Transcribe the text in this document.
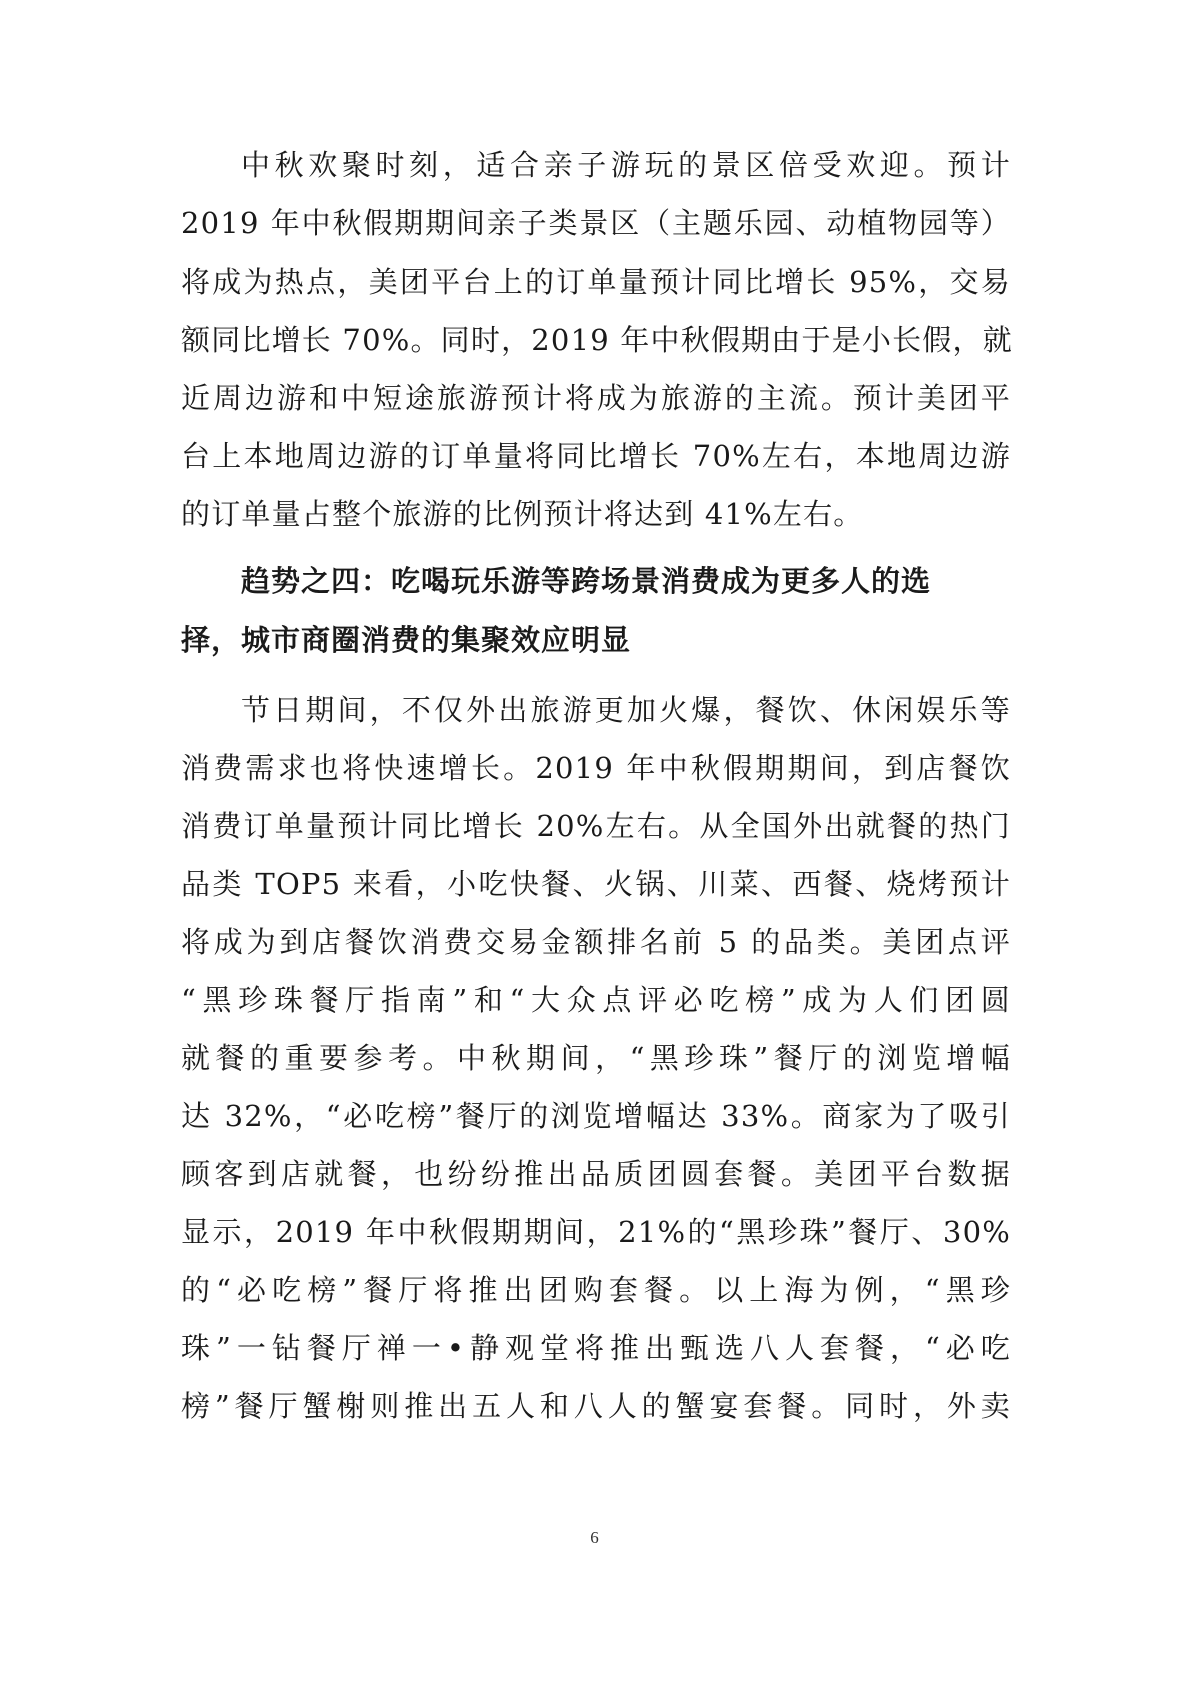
中秋欢聚时刻，适合亲子游玩的景区倍受欢迎。预计
2019 年中秋假期期间亲子类景区（主题乐园、动植物园等）
将成为热点，美团平台上的订单量预计同比增长 95%，交易
额同比增长 70%。同时，2019 年中秋假期由于是小长假，就
近周边游和中短途旅游预计将成为旅游的主流。预计美团平
台上本地周边游的订单量将同比增长 70%左右，本地周边游
的订单量占整个旅游的比例预计将达到 41%左右。
趋势之四：吃喝玩乐游等跨场景消费成为更多人的选
择，城市商圈消费的集聚效应明显
节日期间，不仅外出旅游更加火爆，餐饮、休闲娱乐等
消费需求也将快速增长。2019 年中秋假期期间，到店餐饮
消费订单量预计同比增长 20%左右。从全国外出就餐的热门
品类 TOP5 来看，小吃快餐、火锅、川菜、西餐、烧烤预计
将成为到店餐饮消费交易金额排名前 5 的品类。美团点评
“黑珍珠餐厅指南”和“大众点评必吃榜”成为人们团圆
就餐的重要参考。中秋期间，“黑珍珠”餐厅的浏览增幅
达 32%，“必吃榜”餐厅的浏览增幅达 33%。商家为了吸引
顾客到店就餐，也纷纷推出品质团圆套餐。美团平台数据
显示，2019 年中秋假期期间，21%的“黑珍珠”餐厅、30%
的“必吃榜”餐厅将推出团购套餐。以上海为例，“黑珍
珠”一钻餐厅禅一•静观堂将推出甄选八人套餐，“必吃
榜”餐厅蟹榭则推出五人和八人的蟹宴套餐。同时，外卖
6
